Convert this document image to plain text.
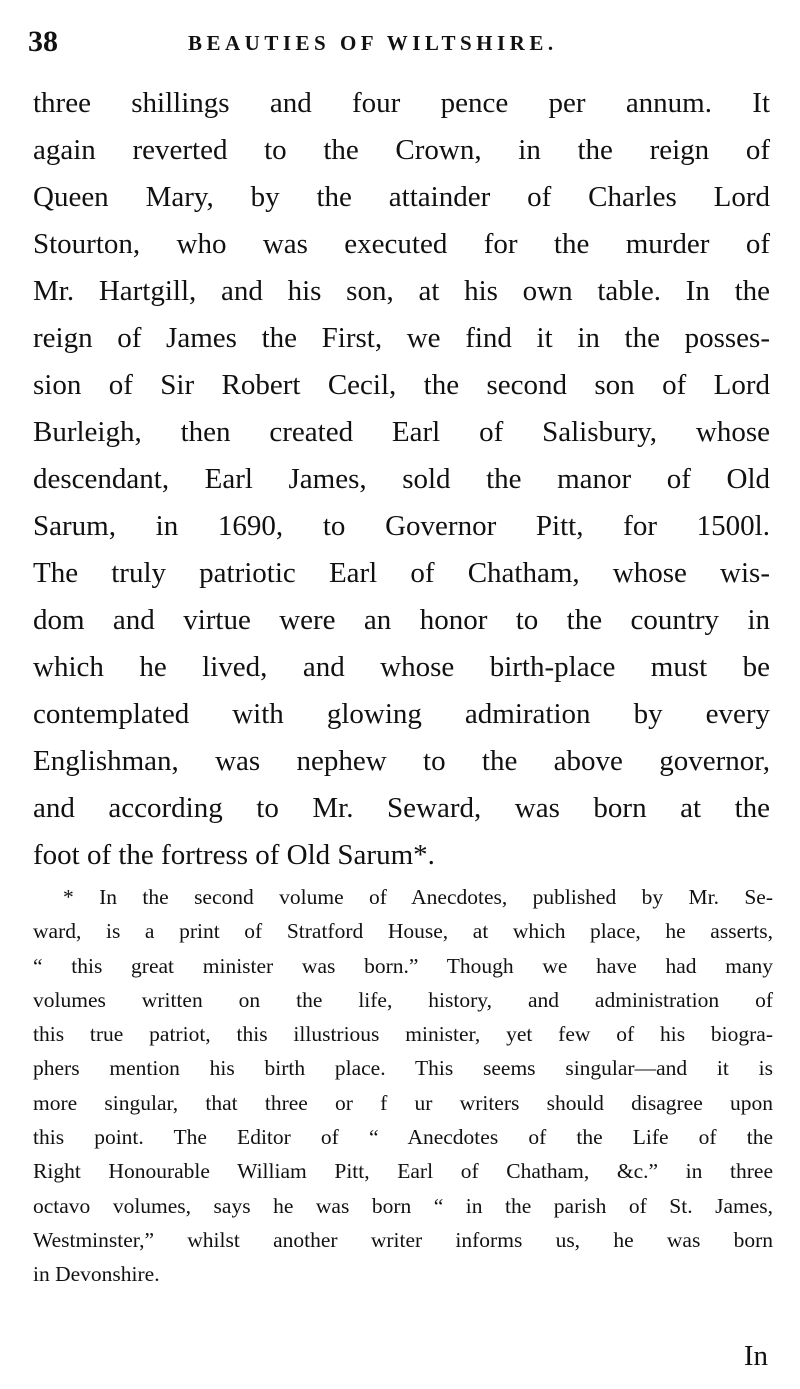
38	BEAUTIES OF WILTSHIRE.
three shillings and four pence per annum. It
again reverted to the Crown, in the reign of
Queen Mary, by the attainder of Charles Lord
Stourton, who was executed for the murder of
Mr. Hartgill, and his son, at his own table. In the
reign of James the First, we find it in the posses-
sion of Sir Robert Cecil, the second son of Lord
Burleigh, then created Earl of Salisbury, whose
descendant, Earl James, sold the manor of Old
Sarum, in 1690, to Governor Pitt, for 1500l.
The truly patriotic Earl of Chatham, whose wis-
dom and virtue were an honor to the country in
which he lived, and whose birth-place must be
contemplated with glowing admiration by every
Englishman, was nephew to the above governor,
and according to Mr. Seward, was born at the
foot of the fortress of Old Sarum*.
* In the second volume of Anecdotes, published by Mr. Se-
ward, is a print of Stratford House, at which place, he asserts,
“ this great minister was born.” Though we have had many
volumes written on the life, history, and administration of
this true patriot, this illustrious minister, yet few of his biogra-
phers mention his birth place. This seems singular—and it is
more singular, that three or f ur writers should disagree upon
this point. The Editor of “ Anecdotes of the Life of the
Right Honourable William Pitt, Earl of Chatham, &c.” in three
octavo volumes, says he was born “ in the parish of St. James,
Westminster,” whilst another writer informs us, he was born
in Devonshire.
In
